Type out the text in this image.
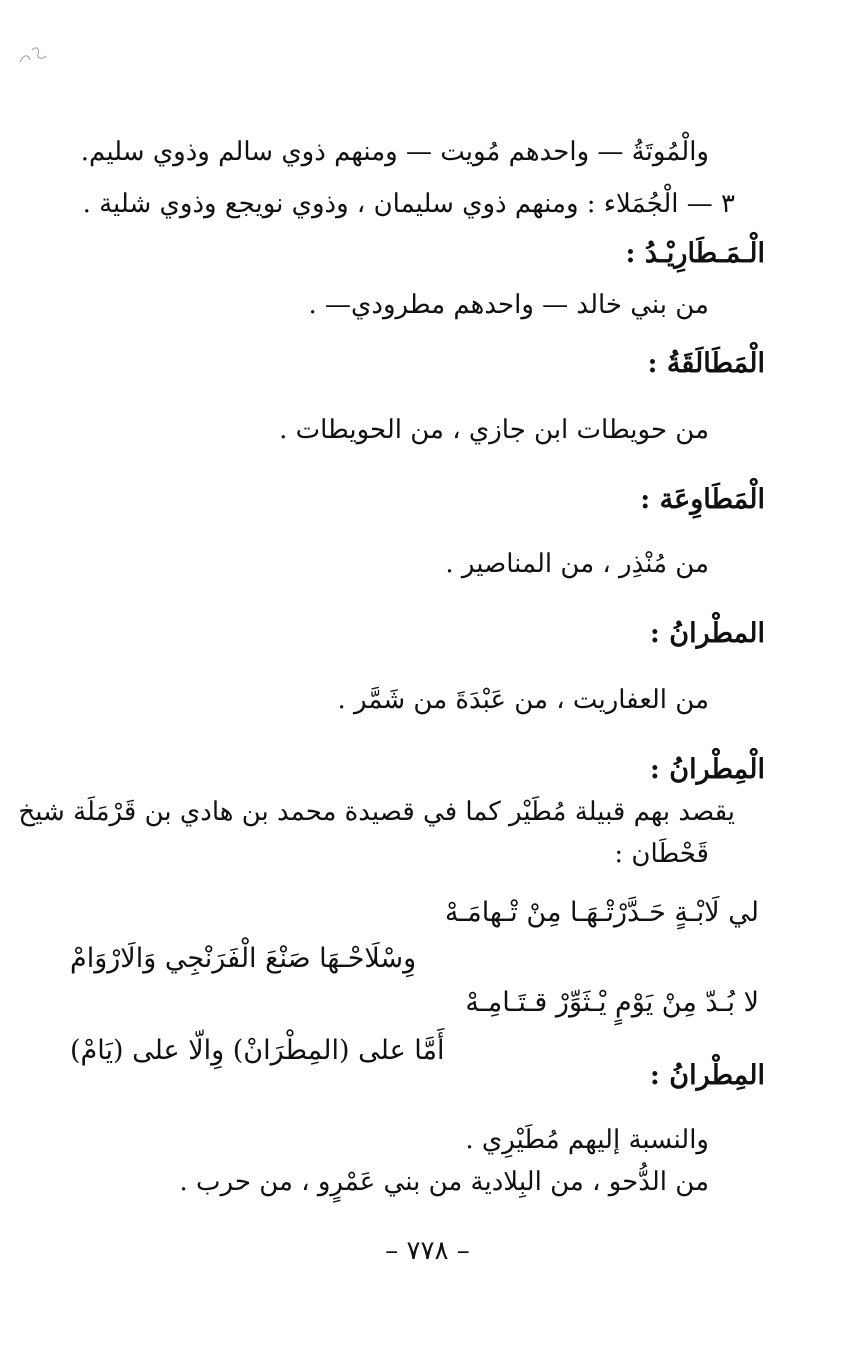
والْمُوتَةُ — واحدهم مُويت — ومنهم ذوي سالم وذوي سليم.
٣ — الْجُمَلاء : ومنهم ذوي سليمان ، وذوي نويجع وذوي شلية .
الْـمَـطَارِيْـدُ :
من بني خالد — واحدهم مطرودي— .
الْمَطَالَقَةُ :
من حويطات ابن جازي ، من الحويطات .
الْمَطَاوِعَة :
من مُنْذِر ، من المناصير .
المطْرانُ :
من العفاريت ، من عَبْدَةَ من شَمَّر .
الْمِطْرانُ :
يقصد بهم قبيلة مُطَيْر كما في قصيدة محمد بن هادي بن قَرْمَلَة شيخ
قَحْطَان :
لي لَابْـةٍ حَـدَّرْتْـهَـا مِنْ تْـهامَـهْ
وِسْلَاحْـهَا صَنْعَ الْفَرَنْجِي وَالَارْوَامْ
لا بُـدّ مِنْ يَوْمٍ يْـثَوِّرْ قـتَـامِـهْ
أَمَّا على (المِطْرَانْ) وِالّا على (يَامْ)
المِطْرانُ :
والنسبة إليهم مُطَيْرِي .
من الدُّحو ، من البِلادية من بني عَمْرٍو ، من حرب .
– ٧٧٨ –
